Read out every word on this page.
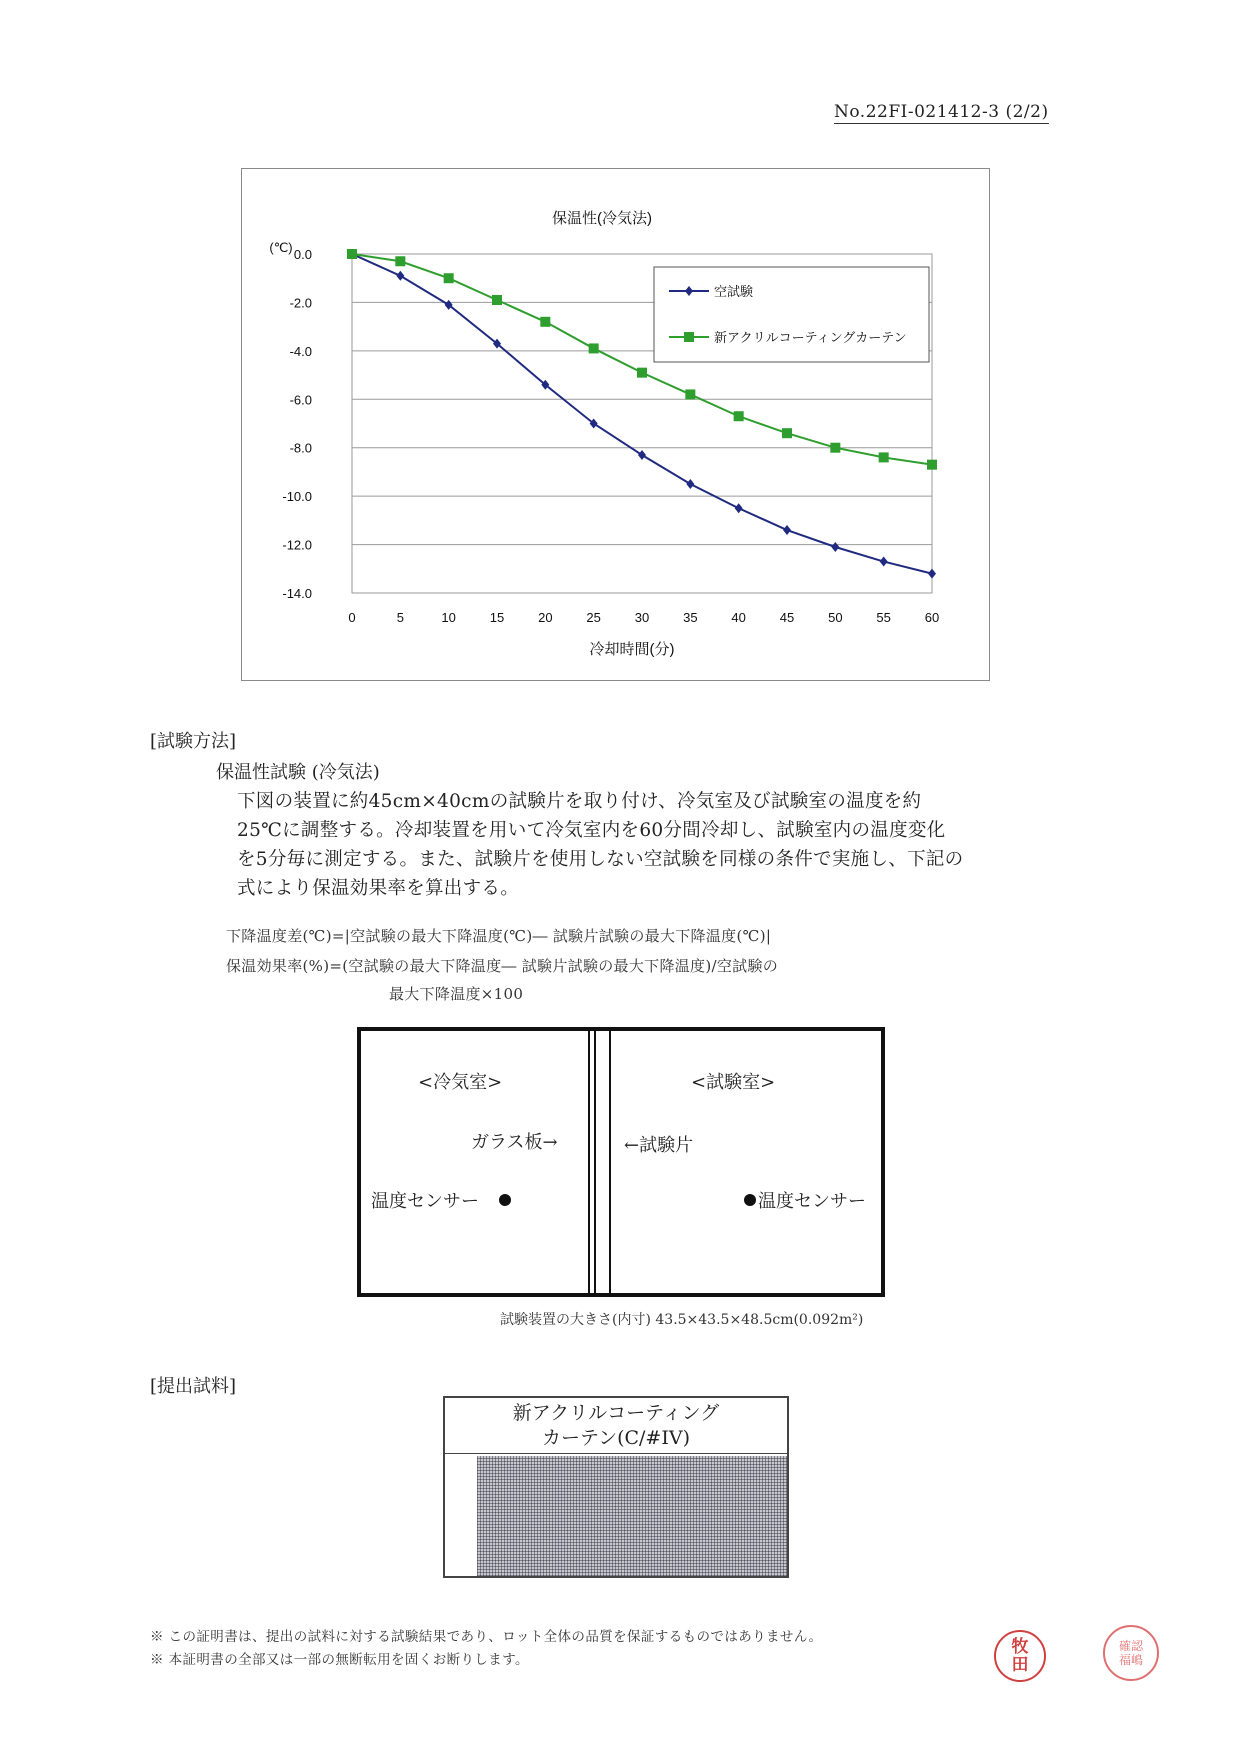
No.22FI-021412-3 (2/2)
保温性(冷気法)
(℃)
冷却時間(分)
0.0
-2.0
-4.0
-6.0
-8.0
-10.0
-12.0
-14.0
0	5	10	15	20	25	30	35	40	45	50	55	60
空試験
新アクリルコーティングカーテン
[試験方法]
保温性試験 (冷気法)
下図の装置に約45cm×40cmの試験片を取り付け、冷気室及び試験室の温度を約
25℃に調整する。冷却装置を用いて冷気室内を60分間冷却し、試験室内の温度変化
を5分毎に測定する。また、試験片を使用しない空試験を同様の条件で実施し、下記の
式により保温効果率を算出する。
下降温度差(℃)=|空試験の最大下降温度(℃)― 試験片試験の最大下降温度(℃)|
保温効果率(%)=(空試験の最大下降温度― 試験片試験の最大下降温度)/空試験の
最大下降温度×100
<冷気室>	<試験室>
ガラス板→	←試験片
温度センサー	温度センサー
試験装置の大きさ(内寸) 43.5×43.5×48.5cm(0.092m²)
[提出試料]
新アクリルコーティング
カーテン(C/#IV)
※ この証明書は、提出の試料に対する試験結果であり、ロット全体の品質を保証するものではありません。
※ 本証明書の全部又は一部の無断転用を固くお断りします。
牧田
確認福嶋
